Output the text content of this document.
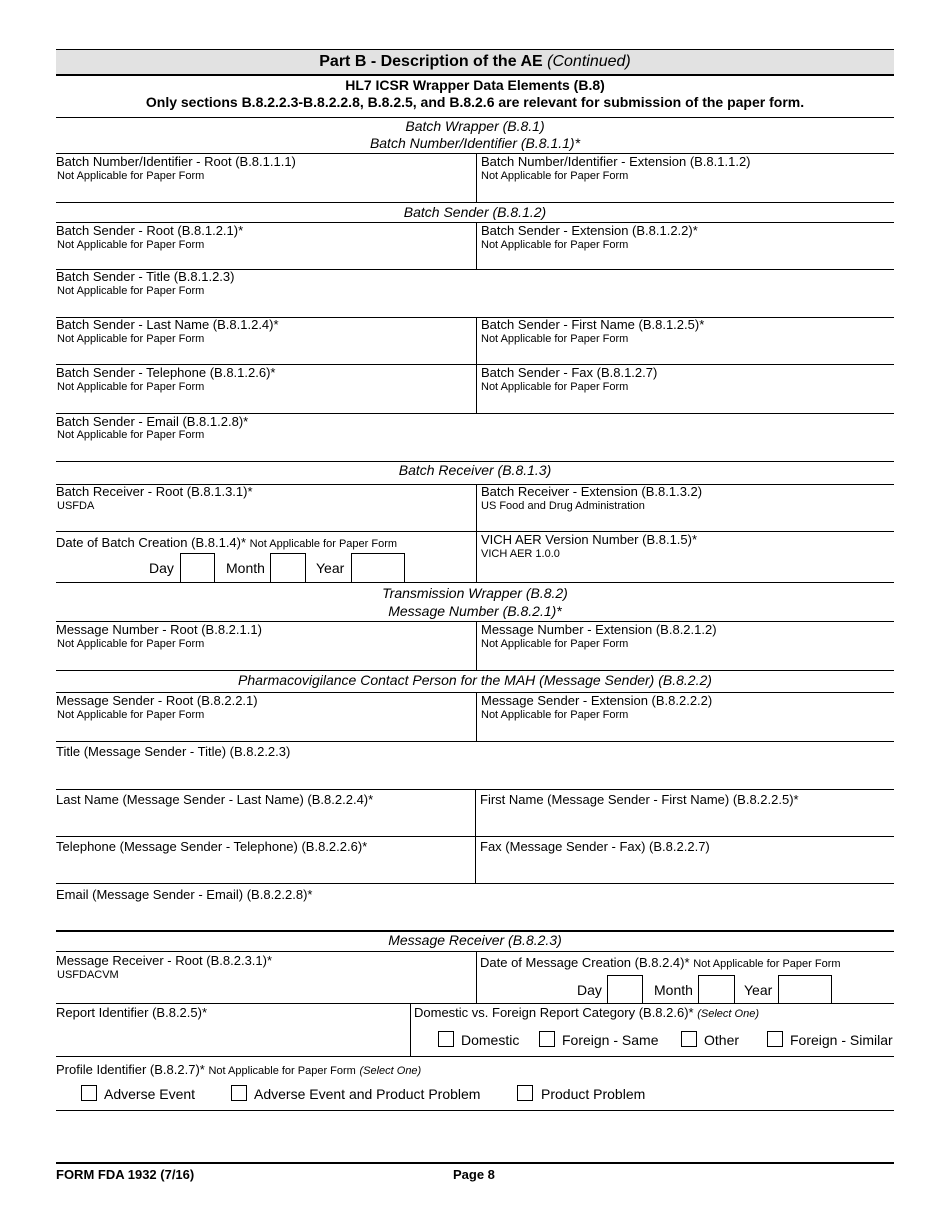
Part B - Description of the AE (Continued)
HL7 ICSR Wrapper Data Elements (B.8)
Only sections B.8.2.2.3-B.8.2.2.8, B.8.2.5, and B.8.2.6 are relevant for submission of the paper form.
Batch Wrapper (B.8.1)
Batch Number/Identifier (B.8.1.1)*
Batch Number/Identifier - Root (B.8.1.1.1)
Not Applicable for Paper Form
Batch Number/Identifier - Extension (B.8.1.1.2)
Not Applicable for Paper Form
Batch Sender (B.8.1.2)
Batch Sender - Root (B.8.1.2.1)*
Not Applicable for Paper Form
Batch Sender - Extension (B.8.1.2.2)*
Not Applicable for Paper Form
Batch Sender - Title (B.8.1.2.3)
Not Applicable for Paper Form
Batch Sender - Last Name (B.8.1.2.4)*
Not Applicable for Paper Form
Batch Sender - First Name (B.8.1.2.5)*
Not Applicable for Paper Form
Batch Sender - Telephone (B.8.1.2.6)*
Not Applicable for Paper Form
Batch Sender - Fax (B.8.1.2.7)
Not Applicable for Paper Form
Batch Sender - Email (B.8.1.2.8)*
Not Applicable for Paper Form
Batch Receiver (B.8.1.3)
Batch Receiver - Root (B.8.1.3.1)*
USFDA
Batch Receiver - Extension (B.8.1.3.2)
US Food and Drug Administration
Date of Batch Creation (B.8.1.4)* Not Applicable for Paper Form
Day	Month	Year
VICH AER Version Number (B.8.1.5)*
VICH AER 1.0.0
Transmission Wrapper (B.8.2)
Message Number (B.8.2.1)*
Message Number - Root (B.8.2.1.1)
Not Applicable for Paper Form
Message Number - Extension (B.8.2.1.2)
Not Applicable for Paper Form
Pharmacovigilance Contact Person for the MAH (Message Sender) (B.8.2.2)
Message Sender - Root (B.8.2.2.1)
Not Applicable for Paper Form
Message Sender - Extension (B.8.2.2.2)
Not Applicable for Paper Form
Title (Message Sender - Title) (B.8.2.2.3)
Last Name (Message Sender - Last Name) (B.8.2.2.4)*	First Name (Message Sender - First Name) (B.8.2.2.5)*
Telephone (Message Sender - Telephone) (B.8.2.2.6)*	Fax (Message Sender - Fax) (B.8.2.2.7)
Email (Message Sender - Email) (B.8.2.2.8)*
Message Receiver (B.8.2.3)
Message Receiver - Root (B.8.2.3.1)*
USFDACVM
Date of Message Creation (B.8.2.4)* Not Applicable for Paper Form
Day	Month	Year
Report Identifier (B.8.2.5)*	Domestic vs. Foreign Report Category (B.8.2.6)* (Select One)
Domestic	Foreign - Same	Other	Foreign - Similar
Profile Identifier (B.8.2.7)* Not Applicable for Paper Form (Select One)
Adverse Event	Adverse Event and Product Problem	Product Problem
FORM FDA 1932 (7/16)	Page 8
